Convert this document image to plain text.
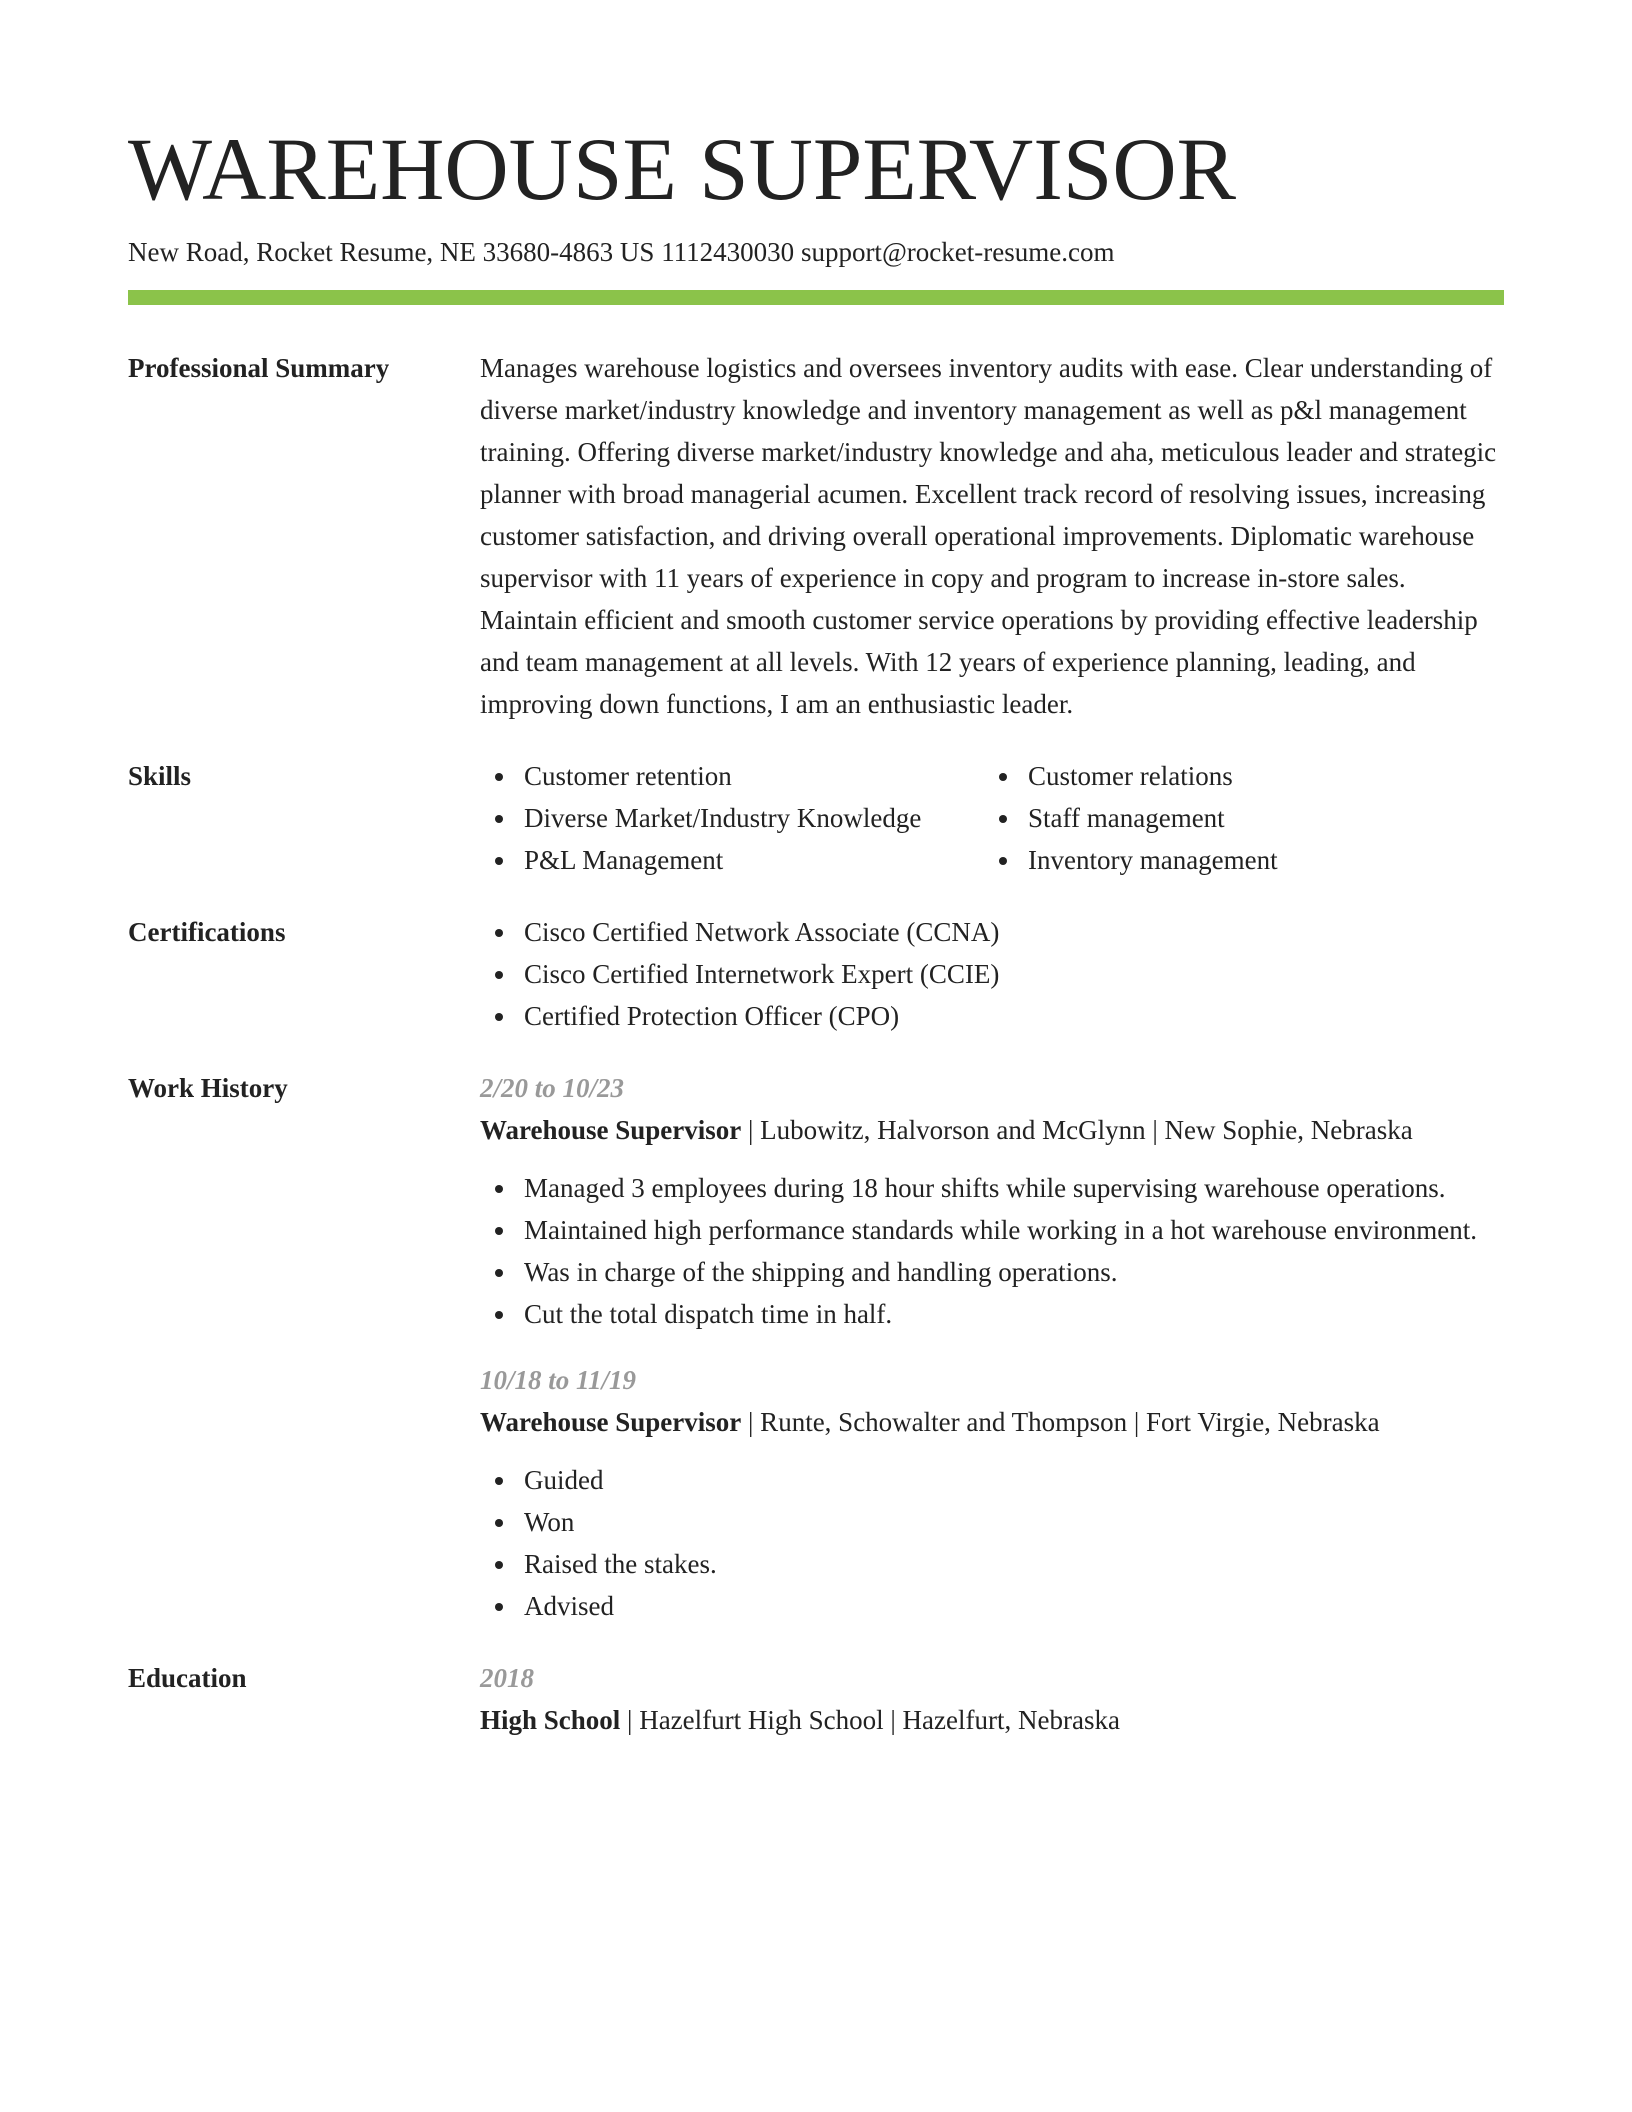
WAREHOUSE SUPERVISOR
New Road, Rocket Resume, NE 33680-4863 US 1112430030 support@rocket-resume.com
Professional Summary	Manages warehouse logistics and oversees inventory audits with ease. Clear understanding of diverse market/industry knowledge and inventory management as well as p&l management training. Offering diverse market/industry knowledge and aha, meticulous leader and strategic planner with broad managerial acumen. Excellent track record of resolving issues, increasing customer satisfaction, and driving overall operational improvements. Diplomatic warehouse supervisor with 11 years of experience in copy and program to increase in-store sales. Maintain efficient and smooth customer service operations by providing effective leadership and team management at all levels. With 12 years of experience planning, leading, and improving down functions, I am an enthusiastic leader.

Skills	Customer retention
Diverse Market/Industry Knowledge
P&L Management
Customer relations
Staff management
Inventory management
Certifications	Cisco Certified Network Associate (CCNA)
Cisco Certified Internetwork Expert (CCIE)
Certified Protection Officer (CPO)
Work History	2/20 to 10/23
Warehouse Supervisor | Lubowitz, Halvorson and McGlynn | New Sophie, Nebraska
Managed 3 employees during 18 hour shifts while supervising warehouse operations.
Maintained high performance standards while working in a hot warehouse environment.
Was in charge of the shipping and handling operations.
Cut the total dispatch time in half.
10/18 to 11/19
Warehouse Supervisor | Runte, Schowalter and Thompson | Fort Virgie, Nebraska
Guided
Won
Raised the stakes.
Advised
Education	2018
High School | Hazelfurt High School | Hazelfurt, Nebraska
